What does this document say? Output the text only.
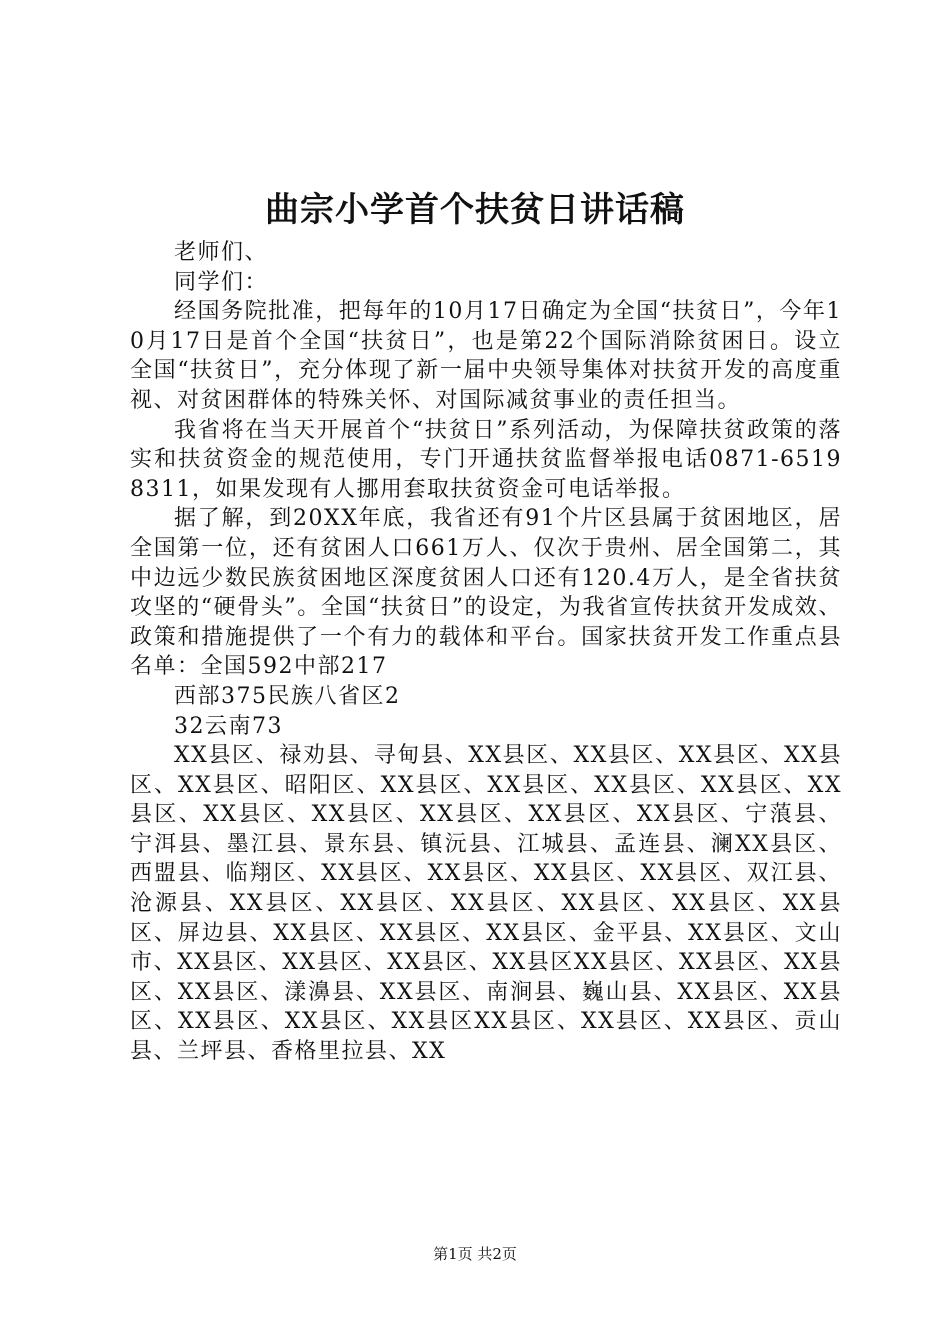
曲宗小学首个扶贫日讲话稿

老师们、

同学们：

经国务院批准，把每年的10月17日确定为全国“扶贫日”，今年10月17日是首个全国“扶贫日”，也是第22个国际消除贫困日。设立全国“扶贫日”，充分体现了新一届中央领导集体对扶贫开发的高度重视、对贫困群体的特殊关怀、对国际减贫事业的责任担当。

我省将在当天开展首个“扶贫日”系列活动，为保障扶贫政策的落实和扶贫资金的规范使用，专门开通扶贫监督举报电话0871-65198311，如果发现有人挪用套取扶贫资金可电话举报。

据了解，到20XX年底，我省还有91个片区县属于贫困地区，居全国第一位，还有贫困人口661万人、仅次于贵州、居全国第二，其中边远少数民族贫困地区深度贫困人口还有120.4万人，是全省扶贫攻坚的“硬骨头”。全国“扶贫日”的设定，为我省宣传扶贫开发成效、政策和措施提供了一个有力的载体和平台。国家扶贫开发工作重点县名单：全国592中部217

西部375民族八省区2

32云南73

XX县区、禄劝县、寻甸县、XX县区、XX县区、XX县区、XX县区、XX县区、昭阳区、XX县区、XX县区、XX县区、XX县区、XX县区、XX县区、XX县区、XX县区、XX县区、XX县区、宁蒗县、宁洱县、墨江县、景东县、镇沅县、江城县、孟连县、澜XX县区、西盟县、临翔区、XX县区、XX县区、XX县区、XX县区、双江县、沧源县、XX县区、XX县区、XX县区、XX县区、XX县区、XX县区、屏边县、XX县区、XX县区、XX县区、金平县、XX县区、文山市、XX县区、XX县区、XX县区、XX县区XX县区、XX县区、XX县区、XX县区、漾濞县、XX县区、南涧县、巍山县、XX县区、XX县区、XX县区、XX县区、XX县区XX县区、XX县区、XX县区、贡山县、兰坪县、香格里拉县、XX

第1页 共2页
